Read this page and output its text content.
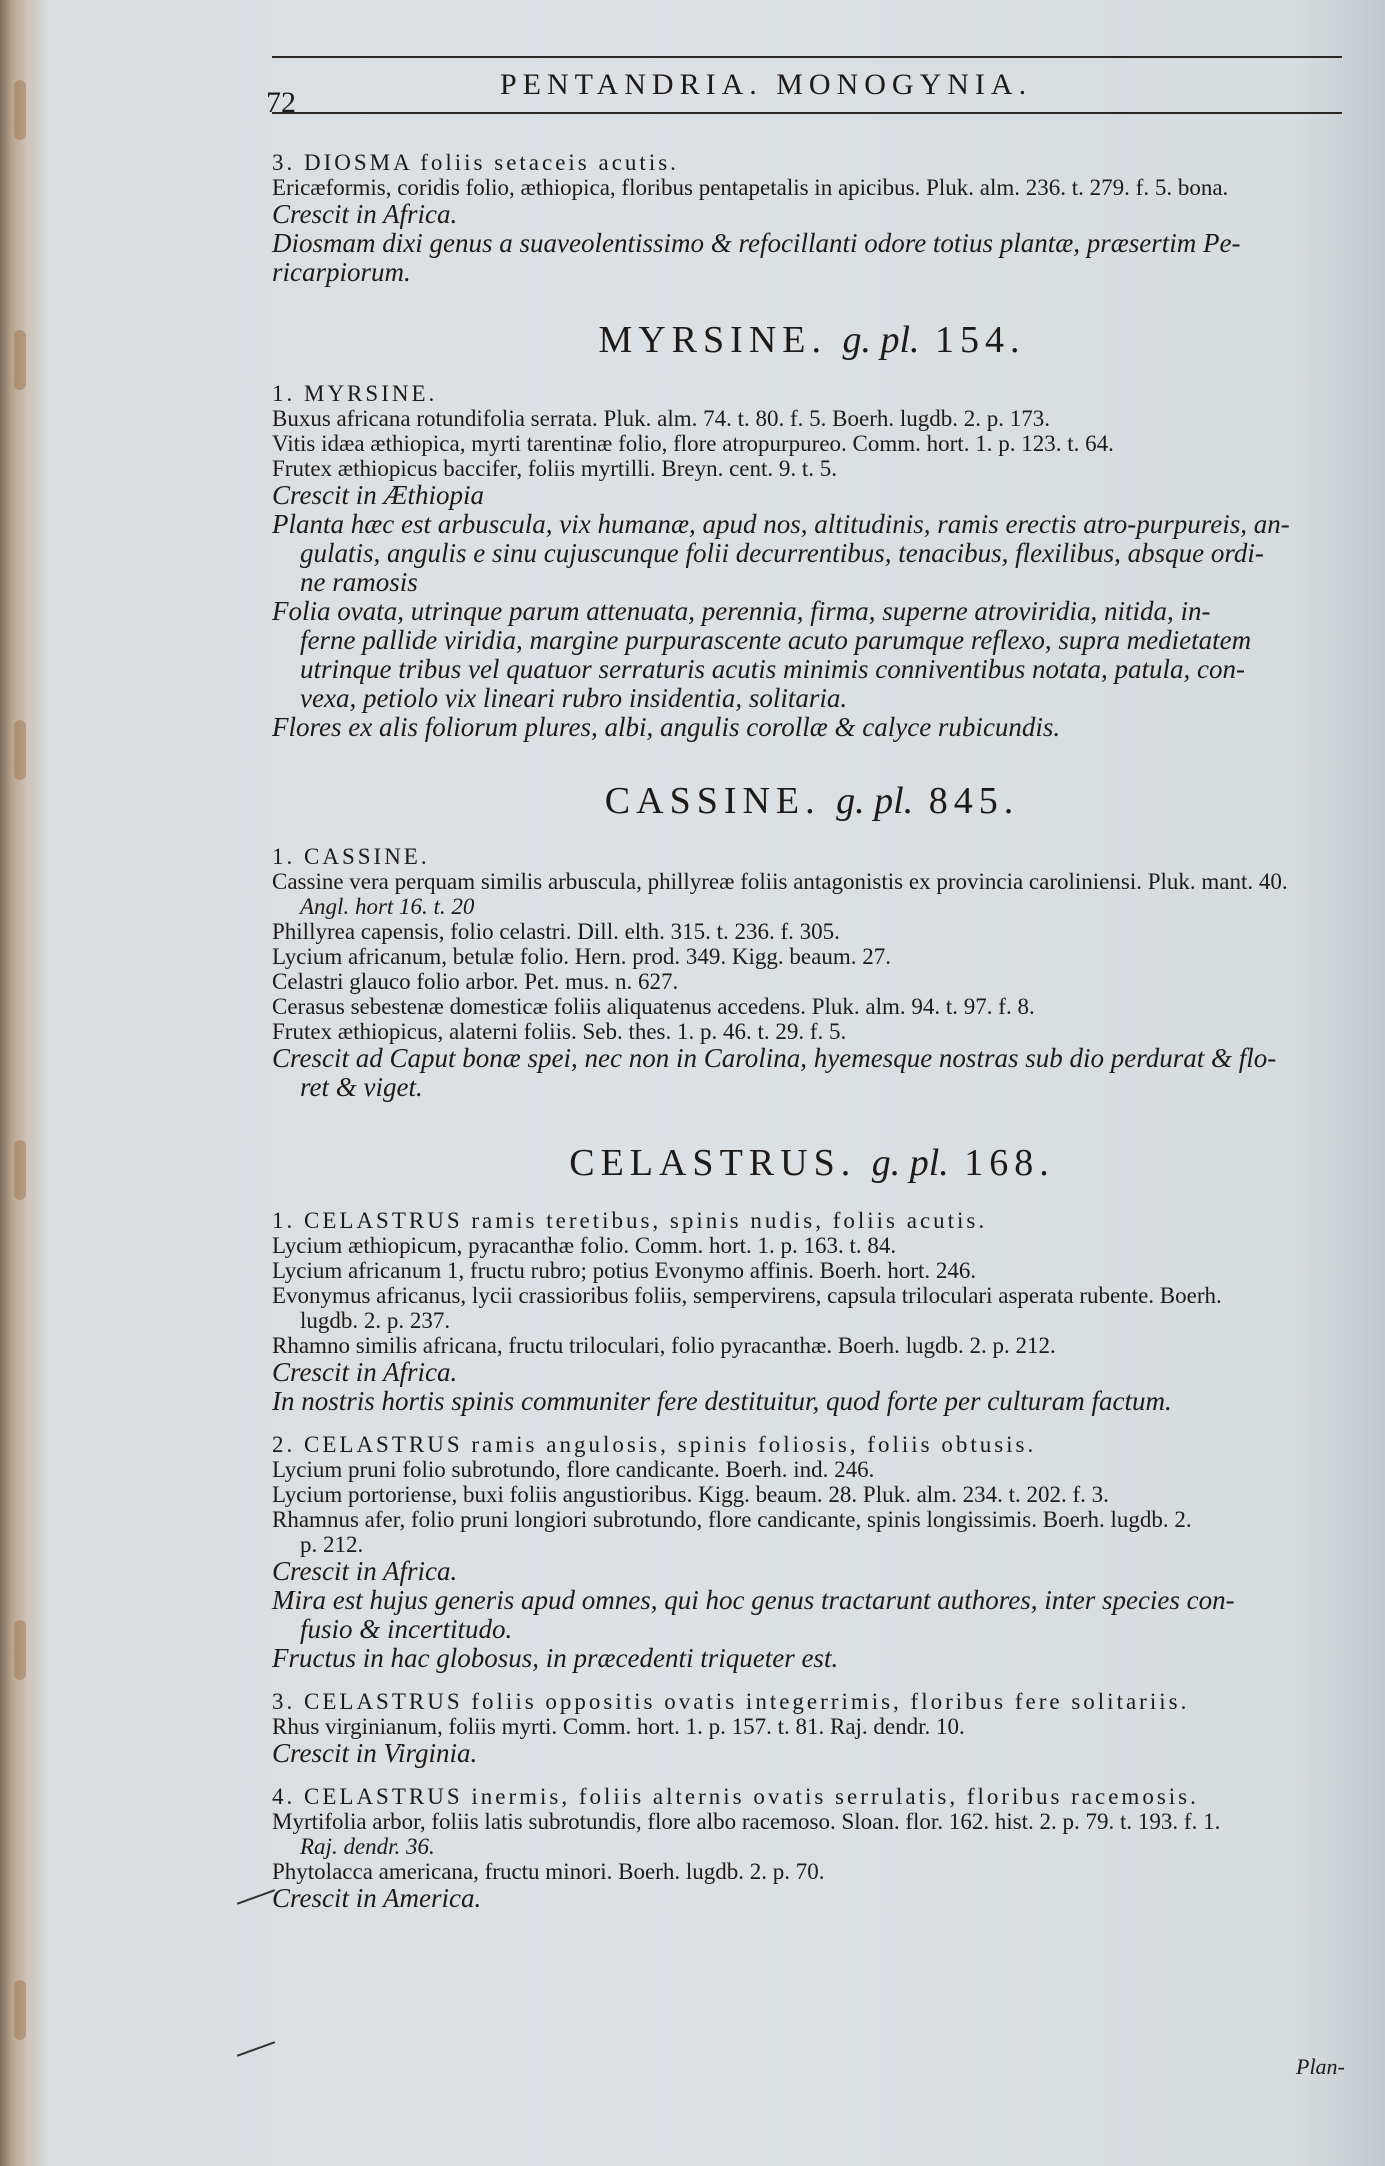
72
PENTANDRIA. MONOGYNIA.
3. DIOSMA foliis setaceis acutis.
Ericæformis, coridis folio, æthiopica, floribus pentapetalis in apicibus. Pluk. alm. 236. t. 279. f. 5. bona.
Crescit in Africa.
Diosmam dixi genus a suaveolentissimo & refocillanti odore totius plantæ, præsertim Pe-
ricarpiorum.
MYRSINE. g. pl. 154.
1. MYRSINE.
Buxus africana rotundifolia serrata. Pluk. alm. 74. t. 80. f. 5. Boerh. lugdb. 2. p. 173.
Vitis idæa æthiopica, myrti tarentinæ folio, flore atropurpureo. Comm. hort. 1. p. 123. t. 64.
Frutex æthiopicus baccifer, foliis myrtilli. Breyn. cent. 9. t. 5.
Crescit in Æthiopia
Planta hæc est arbuscula, vix humanæ, apud nos, altitudinis, ramis erectis atro-purpureis, an-
gulatis, angulis e sinu cujuscunque folii decurrentibus, tenacibus, flexilibus, absque ordi-
ne ramosis
Folia ovata, utrinque parum attenuata, perennia, firma, superne atroviridia, nitida, in-
ferne pallide viridia, margine purpurascente acuto parumque reflexo, supra medietatem
utrinque tribus vel quatuor serraturis acutis minimis conniventibus notata, patula, con-
vexa, petiolo vix lineari rubro insidentia, solitaria.
Flores ex alis foliorum plures, albi, angulis corollæ & calyce rubicundis.
CASSINE. g. pl. 845.
1. CASSINE.
Cassine vera perquam similis arbuscula, phillyreæ foliis antagonistis ex provincia caroliniensi. Pluk. mant. 40.
Angl. hort 16. t. 20
Phillyrea capensis, folio celastri. Dill. elth. 315. t. 236. f. 305.
Lycium africanum, betulæ folio. Hern. prod. 349. Kigg. beaum. 27.
Celastri glauco folio arbor. Pet. mus. n. 627.
Cerasus sebestenæ domesticæ foliis aliquatenus accedens. Pluk. alm. 94. t. 97. f. 8.
Frutex æthiopicus, alaterni foliis. Seb. thes. 1. p. 46. t. 29. f. 5.
Crescit ad Caput bonæ spei, nec non in Carolina, hyemesque nostras sub dio perdurat & flo-
ret & viget.
CELASTRUS. g. pl. 168.
1. CELASTRUS ramis teretibus, spinis nudis, foliis acutis.
Lycium æthiopicum, pyracanthæ folio. Comm. hort. 1. p. 163. t. 84.
Lycium africanum 1, fructu rubro; potius Evonymo affinis. Boerh. hort. 246.
Evonymus africanus, lycii crassioribus foliis, sempervirens, capsula triloculari asperata rubente. Boerh.
lugdb. 2. p. 237.
Rhamno similis africana, fructu triloculari, folio pyracanthæ. Boerh. lugdb. 2. p. 212.
Crescit in Africa.
In nostris hortis spinis communiter fere destituitur, quod forte per culturam factum.
2. CELASTRUS ramis angulosis, spinis foliosis, foliis obtusis.
Lycium pruni folio subrotundo, flore candicante. Boerh. ind. 246.
Lycium portoriense, buxi foliis angustioribus. Kigg. beaum. 28. Pluk. alm. 234. t. 202. f. 3.
Rhamnus afer, folio pruni longiori subrotundo, flore candicante, spinis longissimis. Boerh. lugdb. 2.
p. 212.
Crescit in Africa.
Mira est hujus generis apud omnes, qui hoc genus tractarunt authores, inter species con-
fusio & incertitudo.
Fructus in hac globosus, in præcedenti triqueter est.
3. CELASTRUS foliis oppositis ovatis integerrimis, floribus fere solitariis.
Rhus virginianum, foliis myrti. Comm. hort. 1. p. 157. t. 81. Raj. dendr. 10.
Crescit in Virginia.
4. CELASTRUS inermis, foliis alternis ovatis serrulatis, floribus racemosis.
Myrtifolia arbor, foliis latis subrotundis, flore albo racemoso. Sloan. flor. 162. hist. 2. p. 79. t. 193. f. 1.
Raj. dendr. 36.
Phytolacca americana, fructu minori. Boerh. lugdb. 2. p. 70.
Crescit in America.
Plan-
